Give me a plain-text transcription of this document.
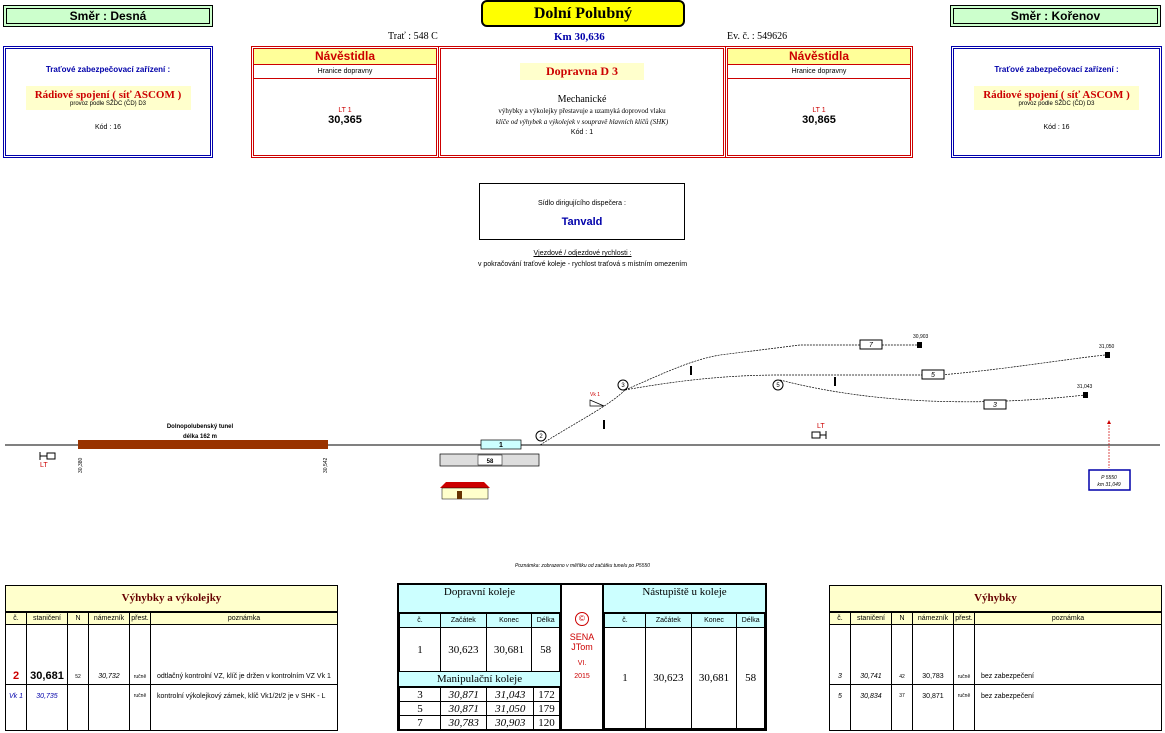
Směr : Desná	Dolní Polubný	Směr : Kořenov
Trať : 548 C	Km 30,636	Ev. č. : 549626
Traťové zabezpečovací zařízení :
Rádiové spojení ( síť ASCOM )
provoz podle SŽDC (ČD) D3
Kód : 16
Traťové zabezpečovací zařízení :
Rádiové spojení ( síť ASCOM )
provoz podle SŽDC (ČD) D3
Kód : 16
Návěstidla
Hranice dopravny
LT 1
30,365
Dopravna D 3
Mechanické
výhybky a výkolejky přestavuje a uzamyká doprovod vlaku
klíče od výhybek a výkolejek v soupravě hlavních klíčů (SHK)
Kód : 1
Návěstidla
Hranice dopravny
LT 1
30,865
Sídlo dirigujícího dispečera :
Tanvald
Vjezdové / odjezdové rychlosti :
v pokračování traťové koleje - rychlost traťová s místním omezením
Dolnopolubenský tunel
délka 162 m
30,380	30,542
LT
LT
1
58
7
5
3
30,903
31,050
31,043
2
3	5
Vk 1
P 5550
km 31,049
Poznámka: zobrazeno v měřítku od začátku tunelu po P5550
Výhybky a výkolejky
č.	staničení	N	námezník	přest.	poznámka
2	30,681	52	30,732	ručně	odtlačný kontrolní VZ, klíč je držen v kontrolním VZ Vk 1
Vk 1	30,735			ručně	kontrolní výkolejkový zámek, klíč Vk1/2t/2 je v SHK - L
Dopravní koleje
č.	Začátek	Konec	Délka
1	30,623	30,681	58
Manipulační koleje
3	30,871	31,043	172
5	30,871	31,050	179
7	30,783	30,903	120
©
SENA
JTom
VI.
2015
Nástupiště u koleje
č.	Začátek	Konec	Délka
1	30,623	30,681	58
Výhybky
č.	staničení	N	námezník	přest.	poznámka
3	30,741	42	30,783	ručně	bez zabezpečení
5	30,834	37	30,871	ručně	bez zabezpečení
